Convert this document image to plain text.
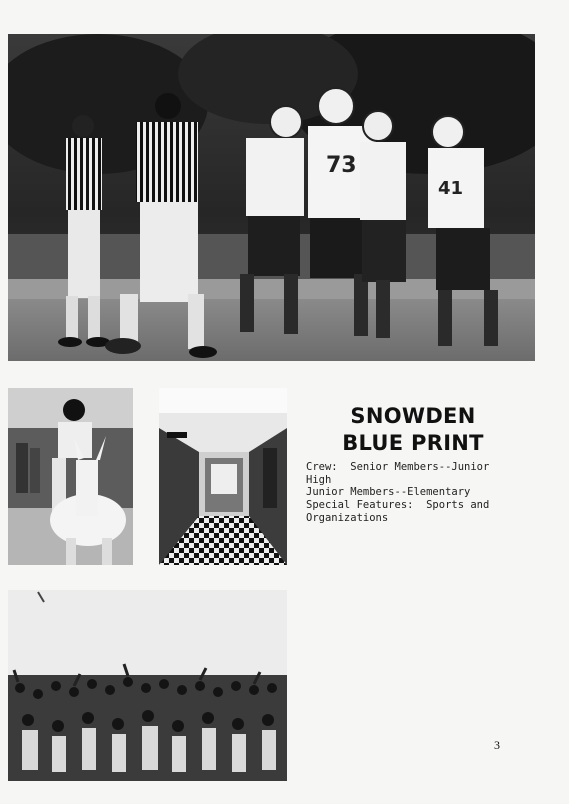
73
41
SNOWDEN
BLUE PRINT
Crew:  Senior Members--Junior High
Junior Members--Elementary
Special Features:  Sports and Organizations
3
